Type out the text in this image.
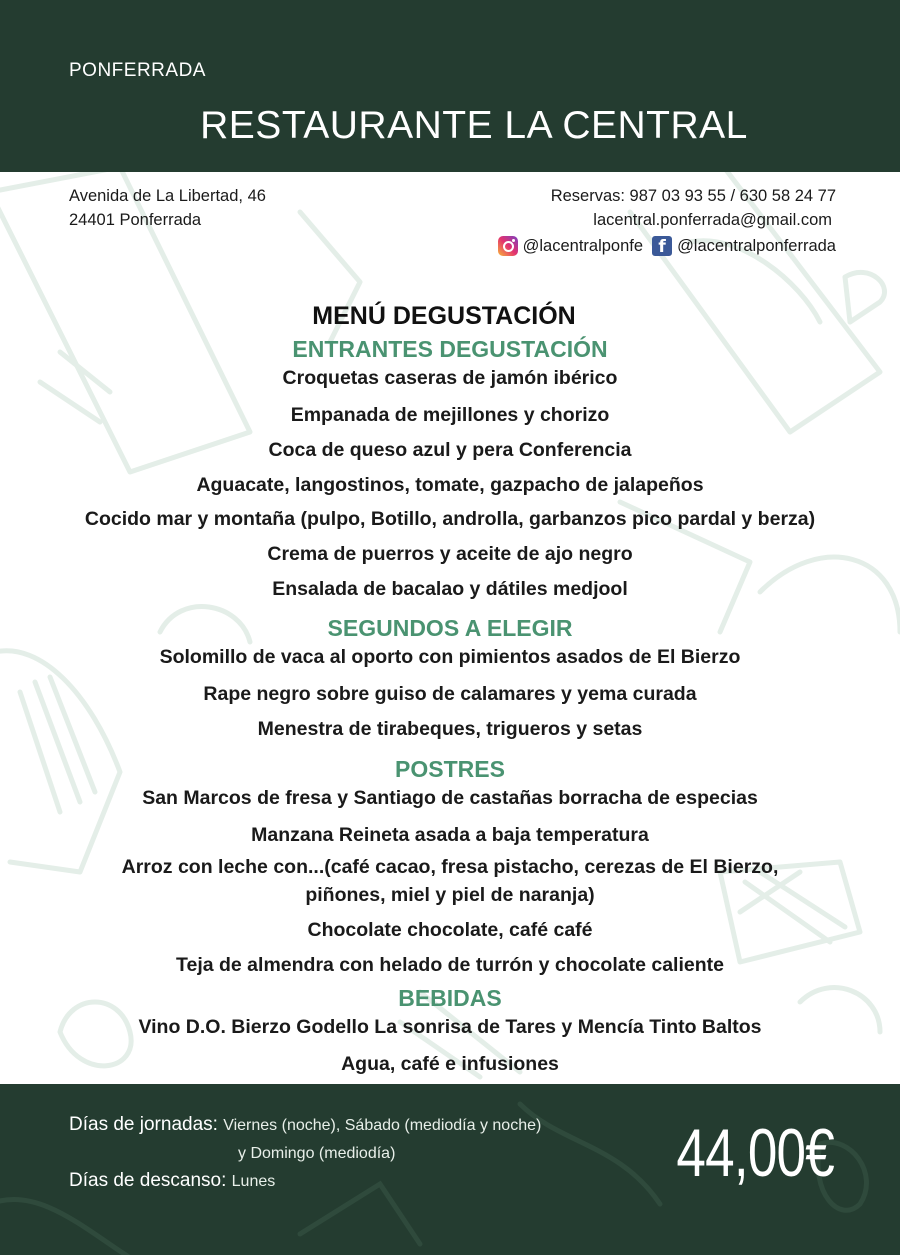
PONFERRADA
RESTAURANTE LA CENTRAL
Avenida de La Libertad, 46
24401 Ponferrada
Reservas: 987 03 93 55 / 630 58 24 77
lacentral.ponferrada@gmail.com
@lacentralponfe f @lacentralponferrada
MENÚ DEGUSTACIÓN
ENTRANTES DEGUSTACIÓN
Croquetas caseras de jamón ibérico
Empanada de mejillones y chorizo
Coca de queso azul y pera Conferencia
Aguacate, langostinos, tomate, gazpacho de jalapeños
Cocido mar y montaña (pulpo, Botillo, androlla, garbanzos pico pardal y berza)
Crema de puerros y aceite de ajo negro
Ensalada de bacalao y dátiles medjool
SEGUNDOS A ELEGIR
Solomillo de vaca al oporto con pimientos asados de El Bierzo
Rape negro sobre guiso de calamares y yema curada
Menestra de tirabeques, trigueros y setas
POSTRES
San Marcos de fresa y Santiago de castañas borracha de especias
Manzana Reineta asada a baja temperatura
Arroz con leche con...(café cacao, fresa pistacho, cerezas de El Bierzo, piñones, miel y piel de naranja)
Chocolate chocolate, café café
Teja de almendra con helado de turrón y chocolate caliente
BEBIDAS
Vino D.O. Bierzo Godello La sonrisa de Tares y Mencía Tinto Baltos
Agua, café e infusiones
Días de jornadas: Viernes (noche), Sábado (mediodía y noche)
y Domingo (mediodía)
Días de descanso: Lunes	44,00€
